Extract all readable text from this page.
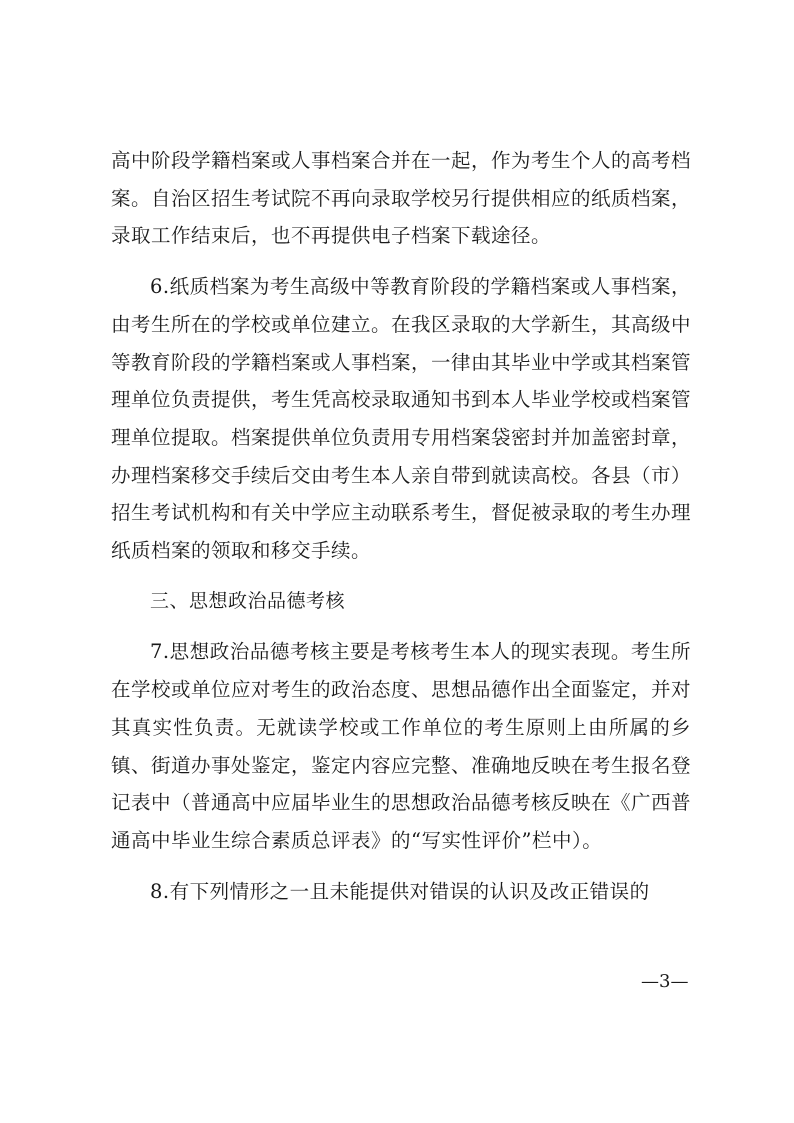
高中阶段学籍档案或人事档案合并在一起，作为考生个人的高考档案。自治区招生考试院不再向录取学校另行提供相应的纸质档案，录取工作结束后，也不再提供电子档案下载途径。

6.纸质档案为考生高级中等教育阶段的学籍档案或人事档案，由考生所在的学校或单位建立。在我区录取的大学新生，其高级中等教育阶段的学籍档案或人事档案，一律由其毕业中学或其档案管理单位负责提供，考生凭高校录取通知书到本人毕业学校或档案管理单位提取。档案提供单位负责用专用档案袋密封并加盖密封章，办理档案移交手续后交由考生本人亲自带到就读高校。各县（市）招生考试机构和有关中学应主动联系考生，督促被录取的考生办理纸质档案的领取和移交手续。

三、思想政治品德考核

7.思想政治品德考核主要是考核考生本人的现实表现。考生所在学校或单位应对考生的政治态度、思想品德作出全面鉴定，并对其真实性负责。无就读学校或工作单位的考生原则上由所属的乡镇、街道办事处鉴定，鉴定内容应完整、准确地反映在考生报名登记表中（普通高中应届毕业生的思想政治品德考核反映在《广西普通高中毕业生综合素质总评表》的“写实性评价”栏中）。

8.有下列情形之一且未能提供对错误的认识及改正错误的

—3—
